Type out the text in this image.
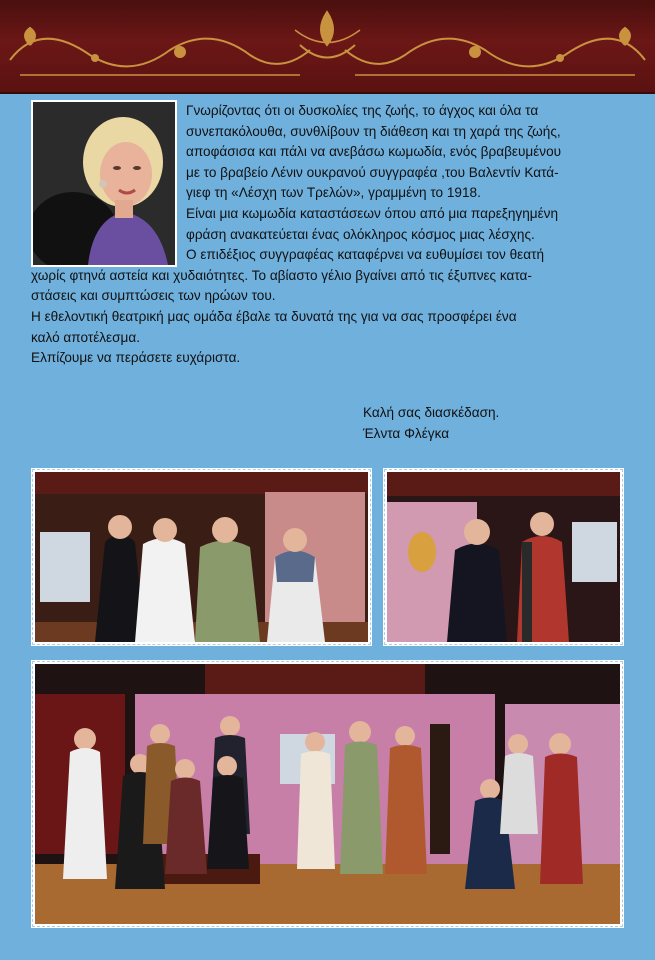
Γνωρίζοντας ότι οι δυσκολίες της ζωής, το άγχος και όλα τα

συνεπακόλουθα, συνθλίβουν τη διάθεση και τη χαρά της ζωής,

αποφάσισα και πάλι να ανεβάσω κωμωδία, ενός βραβευμένου

με το βραβείο Λένιν ουκρανού συγγραφέα ,του Βαλεντίν Κατά-

γιεφ τη «Λέσχη των Τρελών», γραμμένη το 1918.

Είναι μια κωμωδία καταστάσεων όπου από μια παρεξηγημένη

φράση ανακατεύεται ένας ολόκληρος κόσμος μιας λέσχης.

Ο επιδέξιος συγγραφέας καταφέρνει να ευθυμίσει τον θεατή

χωρίς φτηνά αστεία και χυδαιότητες. Το αβίαστο γέλιο βγαίνει από τις έξυπνες κατα-

στάσεις και συμπτώσεις των ηρώων του.

Η εθελοντική θεατρική μας ομάδα έβαλε τα δυνατά της για να σας προσφέρει ένα

καλό αποτέλεσμα.

Ελπίζουμε να περάσετε ευχάριστα.

Καλή σας διασκέδαση.
Έλντα Φλέγκα
